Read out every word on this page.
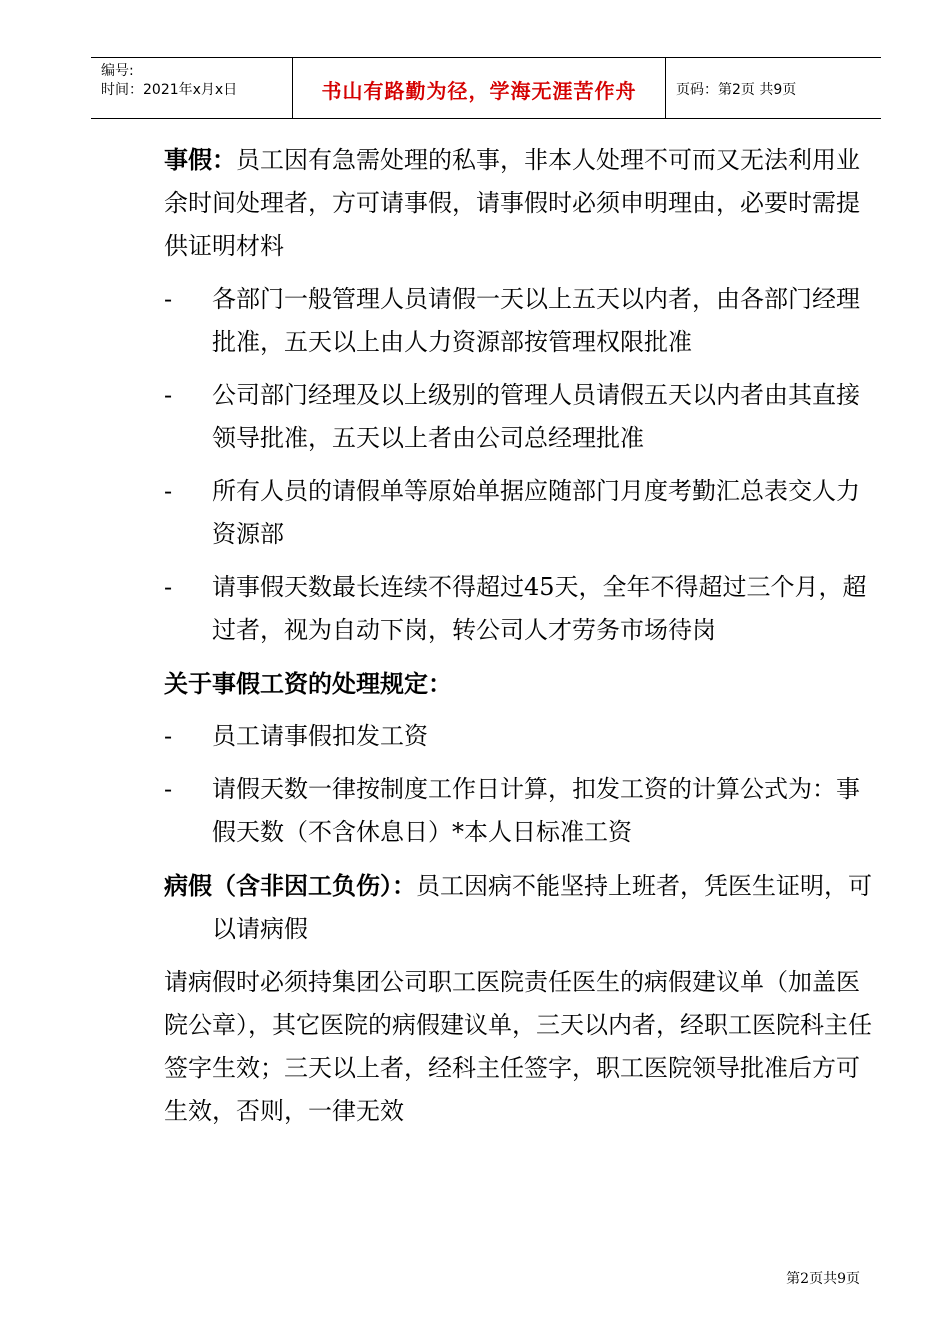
编号:
时间：2021年x月x日	书山有路勤为径，学海无涯苦作舟	页码：第2页 共9页

事假：员工因有急需处理的私事，非本人处理不可而又无法利用业余时间处理者，方可请事假，请事假时必须申明理由，必要时需提供证明材料

- 各部门一般管理人员请假一天以上五天以内者，由各部门经理批准，五天以上由人力资源部按管理权限批准
- 公司部门经理及以上级别的管理人员请假五天以内者由其直接领导批准，五天以上者由公司总经理批准
- 所有人员的请假单等原始单据应随部门月度考勤汇总表交人力资源部
- 请事假天数最长连续不得超过45天，全年不得超过三个月，超过者，视为自动下岗，转公司人才劳务市场待岗

关于事假工资的处理规定：

- 员工请事假扣发工资
- 请假天数一律按制度工作日计算，扣发工资的计算公式为：事假天数（不含休息日）*本人日标准工资

病假（含非因工负伤）：员工因病不能坚持上班者，凭医生证明，可以请病假

请病假时必须持集团公司职工医院责任医生的病假建议单（加盖医院公章），其它医院的病假建议单，三天以内者，经职工医院科主任签字生效；三天以上者，经科主任签字，职工医院领导批准后方可生效，否则，一律无效

第2页共9页
